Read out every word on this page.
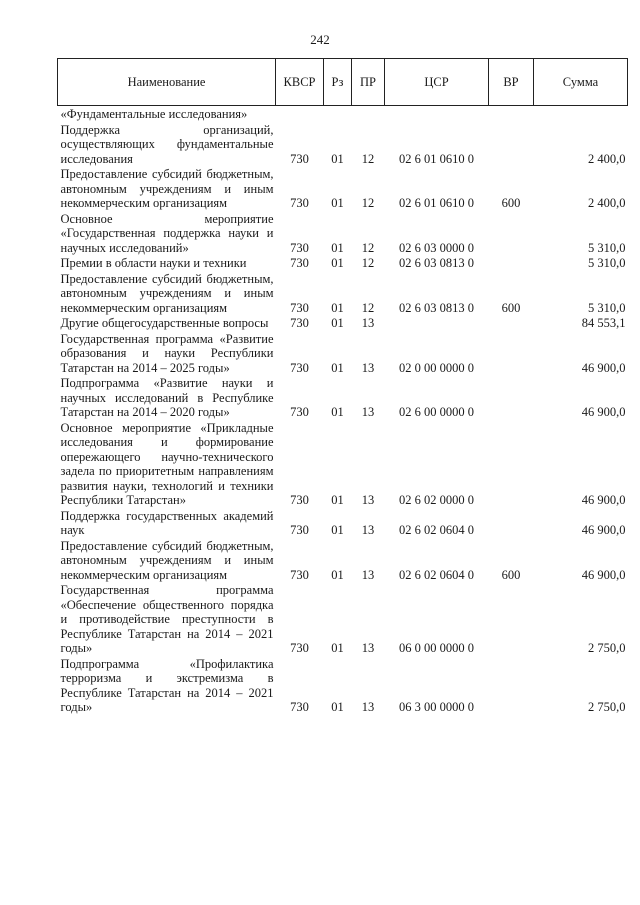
242
Наименование	КВСР	Рз	ПР	ЦСР	ВР	Сумма
«Фундаментальные исследования»						
Поддержка организаций, осуществляющих фундаментальные исследования	730	01	12	02 6 01 0610 0		2 400,0
Предоставление субсидий бюджетным, автономным учреждениям и иным некоммерческим организациям	730	01	12	02 6 01 0610 0	600	2 400,0
Основное мероприятие «Государственная поддержка науки и научных исследований»	730	01	12	02 6 03 0000 0		5 310,0
Премии в области науки и техники	730	01	12	02 6 03 0813 0		5 310,0
Предоставление субсидий бюджетным, автономным учреждениям и иным некоммерческим организациям	730	01	12	02 6 03 0813 0	600	5 310,0
Другие общегосударственные вопросы	730	01	13			84 553,1
Государственная программа «Развитие образования и науки Республики Татарстан на 2014 – 2025 годы»	730	01	13	02 0 00 0000 0		46 900,0
Подпрограмма «Развитие науки и научных исследований в Республике Татарстан на 2014 – 2020 годы»	730	01	13	02 6 00 0000 0		46 900,0
Основное мероприятие «Прикладные исследования и формирование опережающего научно-технического задела по приоритетным направлениям развития науки, технологий и техники Республики Татарстан»	730	01	13	02 6 02 0000 0		46 900,0
Поддержка государственных академий наук	730	01	13	02 6 02 0604 0		46 900,0
Предоставление субсидий бюджетным, автономным учреждениям и иным некоммерческим организациям	730	01	13	02 6 02 0604 0	600	46 900,0
Государственная программа «Обеспечение общественного порядка и противодействие преступности в Республике Татарстан на 2014 – 2021 годы»	730	01	13	06 0 00 0000 0		2 750,0
Подпрограмма «Профилактика терроризма и экстремизма в Республике Татарстан на 2014 – 2021 годы»	730	01	13	06 3 00 0000 0		2 750,0
